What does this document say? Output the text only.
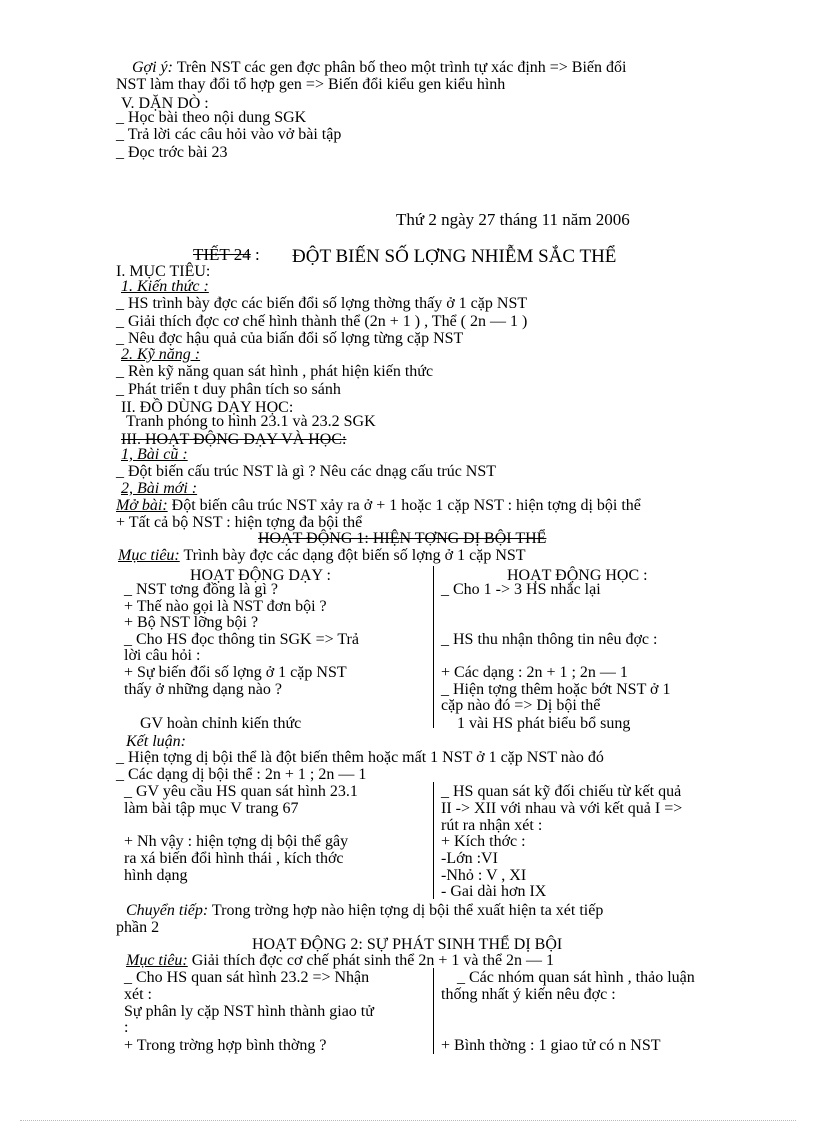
Gợi ý: Trên NST các gen đợc phân bố theo một trình tự xác định => Biến đổi
NST làm thay đổi tổ hợp gen => Biến đổi kiểu gen kiểu hình
V. DẶN DÒ :
_ Học bài theo nội dung SGK
_ Trả lời các câu hỏi vào vở bài tập
_ Đọc trớc bài 23
Thứ 2 ngày 27 tháng 11 năm 2006
TIẾT 24 : ĐỘT BIẾN SỐ LỢNG NHIỄM SẮC THỂ
I. MỤC TIÊU:
1. Kiến thức :
_ HS trình bày đợc các biến đổi số lợng thờng thấy ở 1 cặp NST
_ Giải thích đợc cơ chế hình thành thể (2n + 1 ) , Thể ( 2n — 1 )
_ Nêu đợc hậu quả của biấn đổi số lợng từng cặp NST
2. Kỹ năng :
_ Rèn kỹ năng quan sát hình , phát hiện kiến thức
_ Phát triển t duy phân tích so sánh
II. ĐỒ DÙNG DẠY HỌC:
Tranh phóng to hình 23.1 và 23.2 SGK
III. HOẠT ĐỘNG DẠY VÀ HỌC:
1, Bài cũ :
_ Đột biến cấu trúc NST là gì ? Nêu các dnạg cấu trúc NST
2, Bài mới :
Mở bài: Đột biến câu trúc NST xảy ra ở + 1 hoặc 1 cặp NST : hiện tợng dị bội thể
+ Tất cả bộ NST : hiện tợng đa bội thể
HOẠT ĐỘNG 1: HIỆN TỢNG DỊ BỘI THỂ
Mục tiêu: Trình bày đợc các dạng đột biến số lợng ở 1 cặp NST
HOẠT ĐỘNG DẠY :	HOẠT ĐỘNG HỌC :
_ NST tơng đồng là gì ?
+ Thế nào gọi là NST đơn bội ?
+ Bộ NST lỡng bội ?
_ Cho HS đọc thông tin SGK => Trả
lời câu hỏi :
+ Sự biến đổi số lợng ở 1 cặp NST
thấy ở những dạng nào ?
GV hoàn chỉnh kiến thức
_ Cho 1 -> 3 HS nhắc lại
_ HS thu nhận thông tin nêu đợc :
+ Các dạng : 2n + 1 ; 2n — 1
_ Hiện tợng thêm hoặc bớt NST ở 1
cặp nào đó => Dị bội thể
1 vài HS phát biểu bổ sung
Kết luận:
_ Hiện tợng dị bội thể là đột biến thêm hoặc mất 1 NST ở 1 cặp NST nào đó
_ Các dạng dị bội thể : 2n + 1 ; 2n — 1
_ GV yêu cầu HS quan sát hình 23.1
làm bài tập mục V trang 67
+ Nh vậy : hiện tợng dị bội thể gây
ra xá biến đổi hình thái , kích thớc
hình dạng
_ HS quan sát kỹ đối chiếu từ kết quả
II -> XII với nhau và với kết quả I =>
rút ra nhận xét :
+ Kích thớc :
-Lớn :VI
-Nhỏ : V , XI
- Gai dài hơn IX
Chuyển tiếp: Trong trờng hợp nào hiện tợng dị bội thể xuất hiện ta xét tiếp
phần 2
HOẠT ĐỘNG 2: SỰ PHÁT SINH THỂ DỊ BỘI
Mục tiêu: Giải thích đợc cơ chế phát sinh thể 2n + 1 và thể 2n — 1
_ Cho HS quan sát hình 23.2 => Nhận
xét :
Sự phân ly cặp NST hình thành giao tử
:
+ Trong trờng hợp bình thờng ?
_ Các nhóm quan sát hình , thảo luận
thống nhất ý kiến nêu đợc :
+ Bình thờng : 1 giao tử có n NST
